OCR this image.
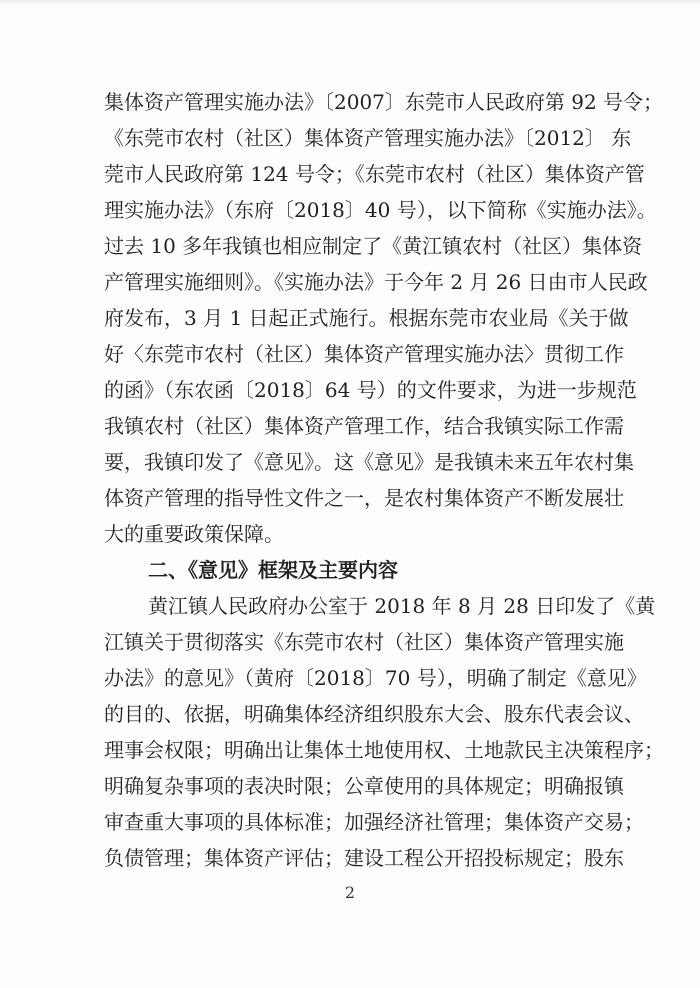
集体资产管理实施办法》〔2007〕东莞市人民政府第 92 号令；
《东莞市农村（社区）集体资产管理实施办法》〔2012〕 东
莞市人民政府第 124 号令；《东莞市农村（社区）集体资产管
理实施办法》（东府〔2018〕40 号），以下简称《实施办法》。
过去 10 多年我镇也相应制定了《黄江镇农村（社区）集体资
产管理实施细则》。《实施办法》于今年 2 月 26 日由市人民政
府发布，3 月 1 日起正式施行。根据东莞市农业局《关于做
好〈东莞市农村（社区）集体资产管理实施办法〉贯彻工作
的函》（东农函〔2018〕64 号）的文件要求，为进一步规范
我镇农村（社区）集体资产管理工作，结合我镇实际工作需
要，我镇印发了《意见》。这《意见》是我镇未来五年农村集
体资产管理的指导性文件之一，是农村集体资产不断发展壮
大的重要政策保障。
二、《意见》框架及主要内容
黄江镇人民政府办公室于 2018 年 8 月 28 日印发了《黄
江镇关于贯彻落实《东莞市农村（社区）集体资产管理实施
办法》的意见》（黄府〔2018〕70 号），明确了制定《意见》
的目的、依据，明确集体经济组织股东大会、股东代表会议、
理事会权限；明确出让集体土地使用权、土地款民主决策程序；
明确复杂事项的表决时限；公章使用的具体规定；明确报镇
审查重大事项的具体标准；加强经济社管理；集体资产交易；
负债管理；集体资产评估；建设工程公开招投标规定；股东
2
